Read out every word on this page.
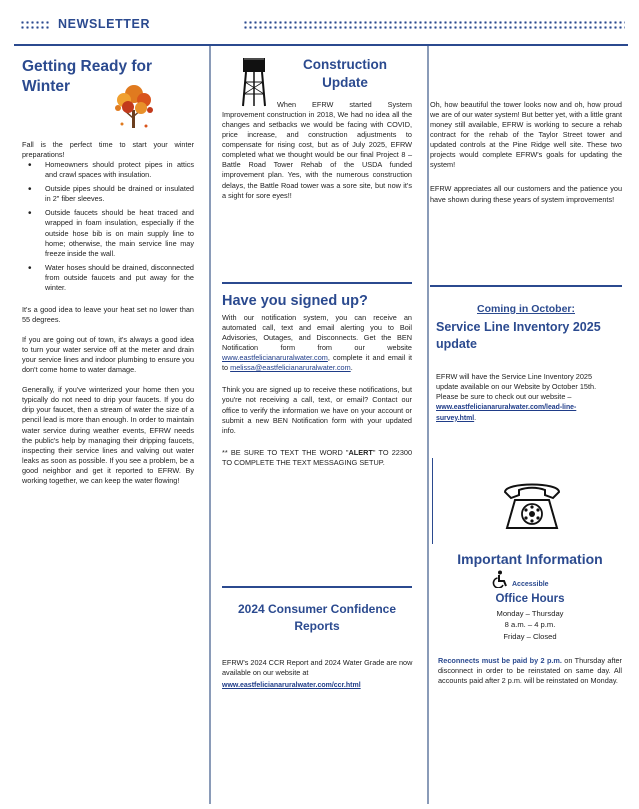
NEWSLETTER
Getting Ready for
Winter

Fall is the perfect time to start your winter preparations!

• Homeowners should protect pipes in attics and crawl spaces with insulation.
• Outside pipes should be drained or insulated in 2" fiber sleeves.
• Outside faucets should be heat traced and wrapped in foam insulation, especially if the outside hose bib is on main supply line to home; otherwise, the main service line may freeze inside the wall.
• Water hoses should be drained, disconnected from outside faucets and put away for the winter.

It's a good idea to leave your heat set no lower than 55 degrees.

If you are going out of town, it's always a good idea to turn your water service off at the meter and drain your service lines and indoor plumbing to ensure you don't come home to water damage.

Generally, if you've winterized your home then you typically do not need to drip your faucets. If you do drip your faucet, then a stream of water the size of a pencil lead is more than enough. In order to maintain water service during weather events, EFRW needs the public's help by managing their dripping faucets, inspecting their service lines and valving out water leaks as soon as possible. If you see a problem, be a good neighbor and get it reported to EFRW. By working together, we can keep the water flowing!

Construction
Update

When EFRW started System Improvement construction in 2018, We had no idea all the changes and setbacks we would be facing with COVID, price increase, and construction adjustments to compensate for rising cost, but as of July 2025, EFRW completed what we thought would be our final Project 8 – Battle Road Tower Rehab of the USDA funded improvement plan. Yes, with the numerous construction delays, the Battle Road tower was a sore site, but now it's a sight for sore eyes!!

Have you signed up?

With our notification system, you can receive an automated call, text and email alerting you to Boil Advisories, Outages, and Disconnects. Get the BEN Notification form from our website www.eastfelicianaruralwater.com, complete it and email it to melissa@eastfelicianaruralwater.com.

Think you are signed up to receive these notifications, but you're not receiving a call, text, or email? Contact our office to verify the information we have on your account or submit a new BEN Notification form with your updated info.

** BE SURE TO TEXT THE WORD "ALERT" TO 22300 TO COMPLETE THE TEXT MESSAGING SETUP.

2024 Consumer Confidence
Reports

EFRW's 2024 CCR Report and 2024 Water Grade are now available on our website at

www.eastfelicianaruralwater.com/ccr.html

Oh, how beautiful the tower looks now and oh, how proud we are of our water system! But better yet, with a little grant money still available, EFRW is working to secure a rehab contract for the rehab of the Taylor Street tower and updated controls at the Pine Ridge well site. These two projects would complete EFRW's goals for updating the system!

EFRW appreciates all our customers and the patience you have shown during these years of system improvements!

Coming in October:
Service Line Inventory 2025 update

EFRW will have the Service Line Inventory 2025 update available on our Website by October 15th. Please be sure to check out our website –

www.eastfelicianaruralwater.com/lead-line-survey.html.
Important Information
Accessible
Office Hours
Monday – Thursday
8 a.m. – 4 p.m.
Friday – Closed

Reconnects must be paid by 2 p.m. on Thursday after disconnect in order to be reinstated on same day. All accounts paid after 2 p.m. will be reinstated on Monday.
